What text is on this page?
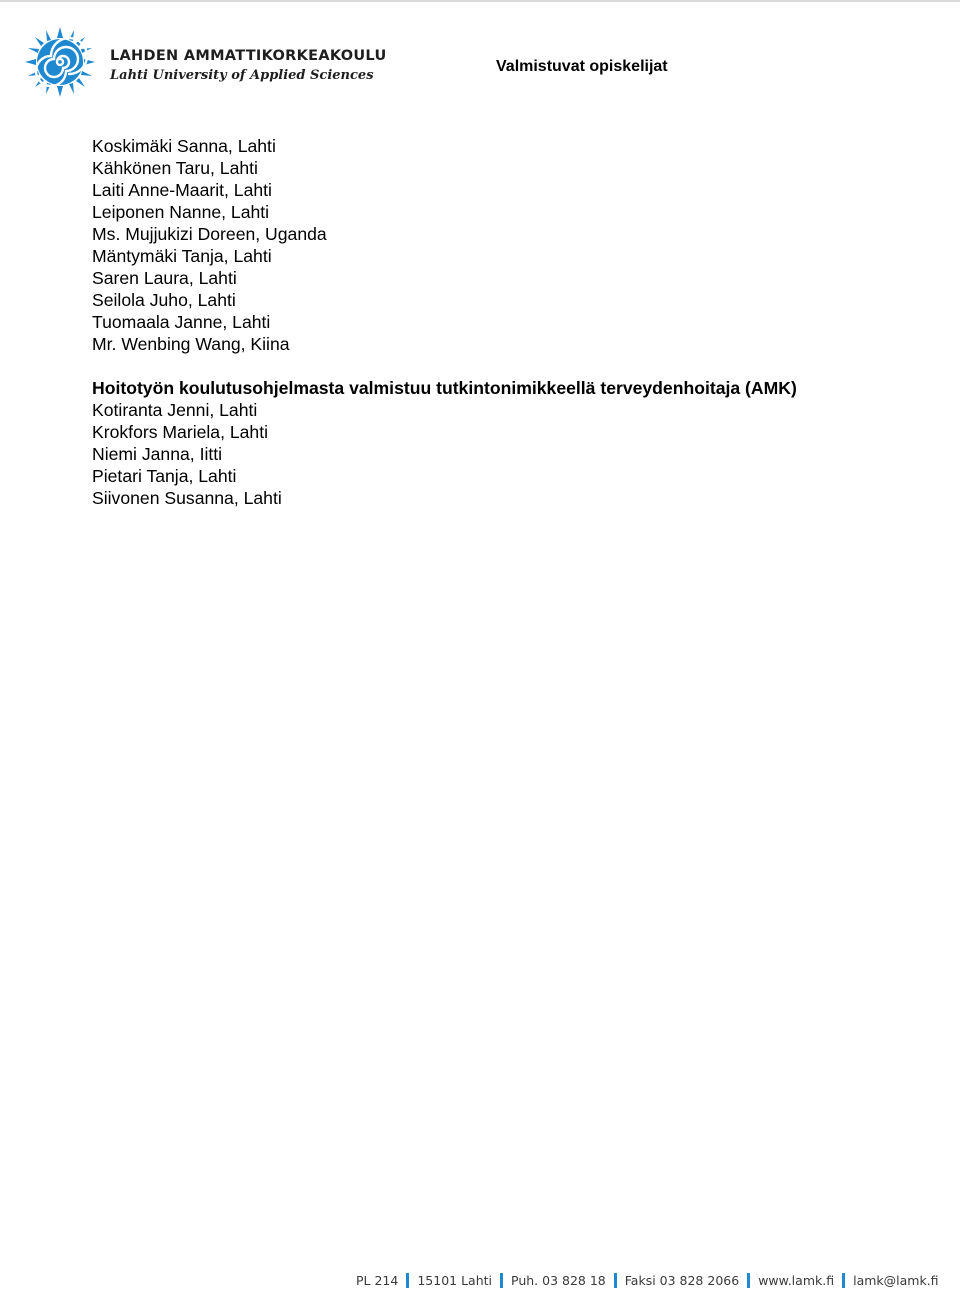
LAHDEN AMMATTIKORKEAKOULU
Lahti University of Applied Sciences
Valmistuvat opiskelijat
Koskimäki Sanna, Lahti
Kähkönen Taru, Lahti
Laiti Anne-Maarit, Lahti
Leiponen Nanne, Lahti
Ms. Mujjukizi Doreen, Uganda
Mäntymäki Tanja, Lahti
Saren Laura, Lahti
Seilola Juho, Lahti
Tuomaala Janne, Lahti
Mr. Wenbing Wang, Kiina
Hoitotyön koulutusohjelmasta valmistuu tutkintonimikkeellä terveydenhoitaja (AMK)
Kotiranta Jenni, Lahti
Krokfors Mariela, Lahti
Niemi Janna, Iitti
Pietari Tanja, Lahti
Siivonen Susanna, Lahti
PL 214 15101 Lahti Puh. 03 828 18 Faksi 03 828 2066 www.lamk.fi lamk@lamk.fi
